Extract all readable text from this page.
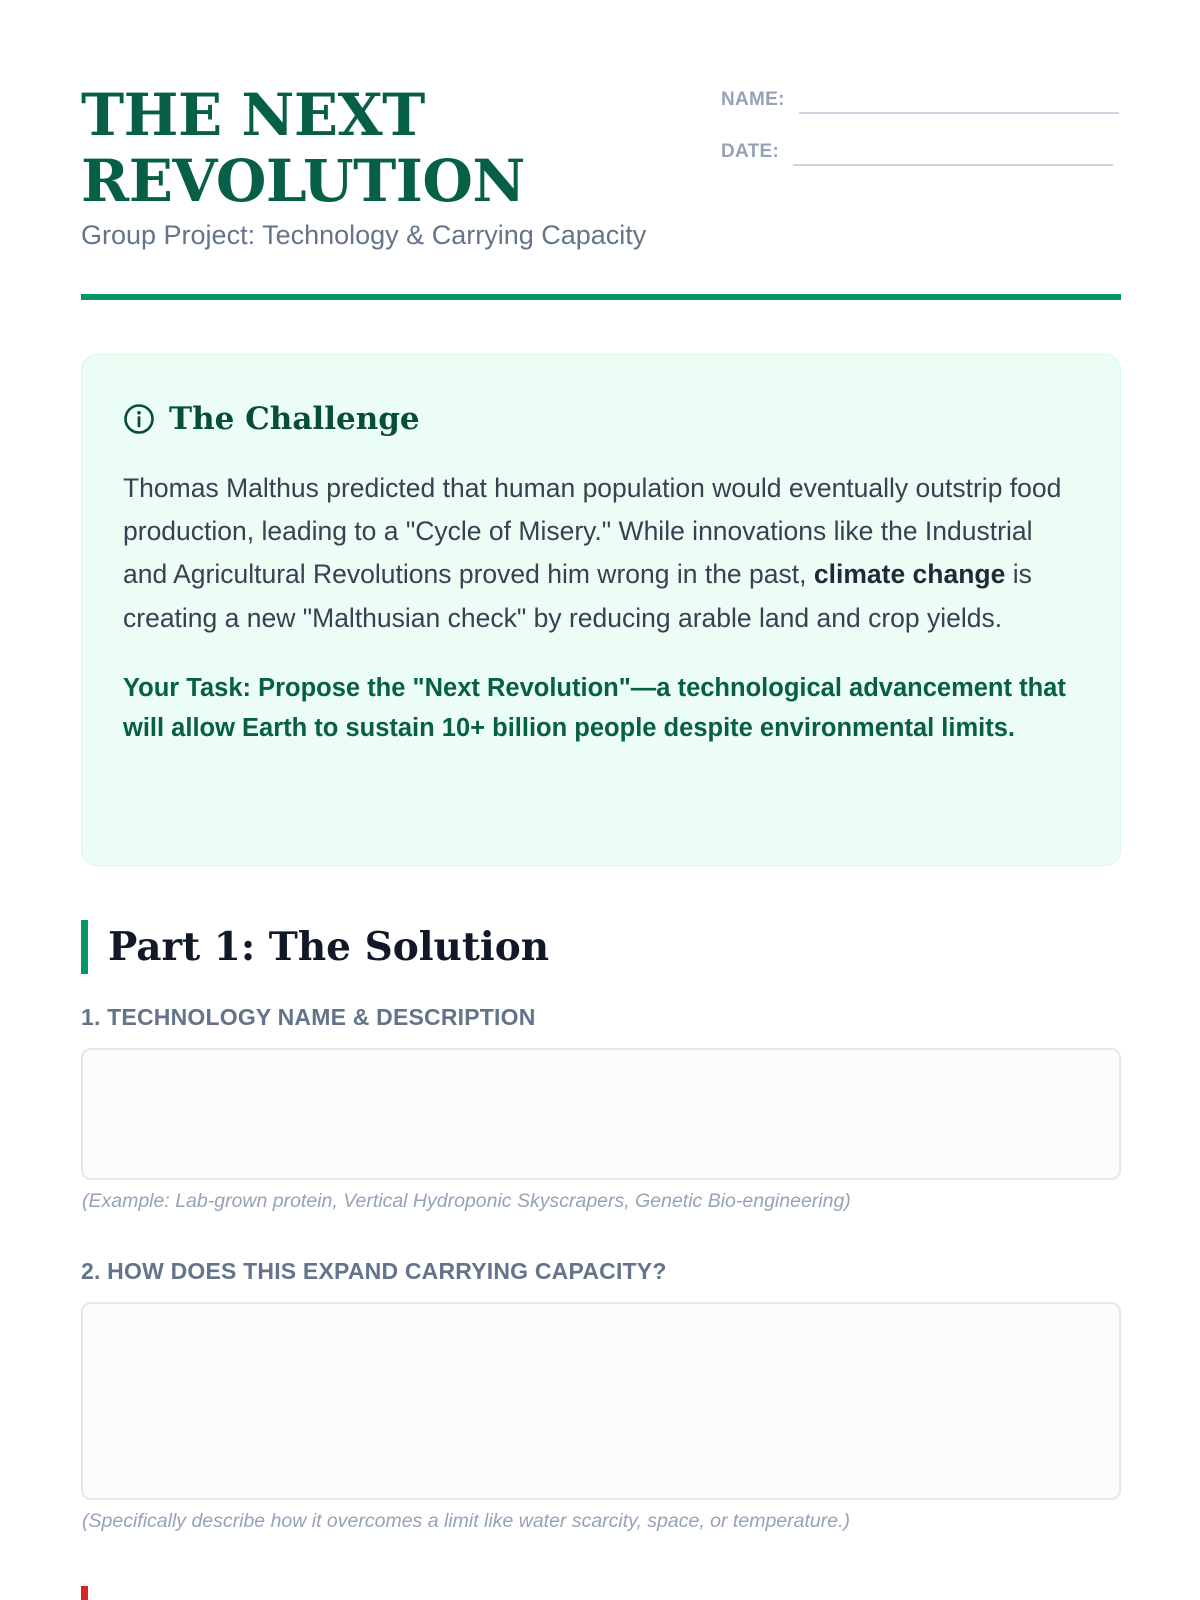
THE NEXT
REVOLUTION
Group Project: Technology & Carrying Capacity
NAME:
DATE:
The Challenge

Thomas Malthus predicted that human population would eventually outstrip food production, leading to a "Cycle of Misery." While innovations like the Industrial and Agricultural Revolutions proved him wrong in the past, climate change is creating a new "Malthusian check" by reducing arable land and crop yields.

Your Task: Propose the "Next Revolution"—a technological advancement that will allow Earth to sustain 10+ billion people despite environmental limits.

Part 1: The Solution
1. TECHNOLOGY NAME & DESCRIPTION
(Example: Lab-grown protein, Vertical Hydroponic Skyscrapers, Genetic Bio-engineering)
2. HOW DOES THIS EXPAND CARRYING CAPACITY?
(Specifically describe how it overcomes a limit like water scarcity, space, or temperature.)
